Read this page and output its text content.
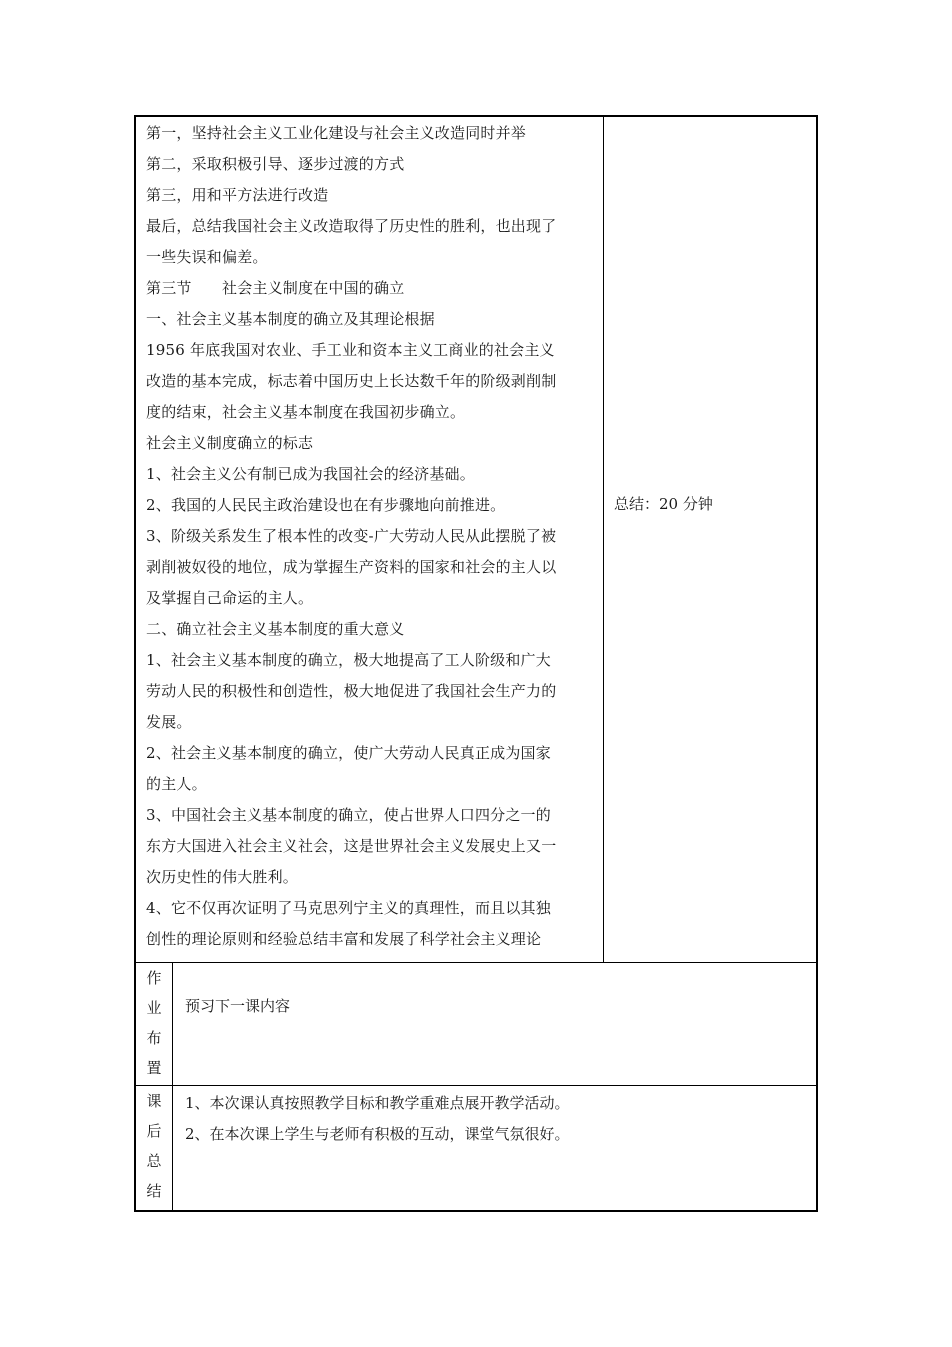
第一，坚持社会主义工业化建设与社会主义改造同时并举
第二，采取积极引导、逐步过渡的方式
第三，用和平方法进行改造
最后，总结我国社会主义改造取得了历史性的胜利，也出现了
一些失误和偏差。
第三节　　社会主义制度在中国的确立
一、社会主义基本制度的确立及其理论根据
1956 年底我国对农业、手工业和资本主义工商业的社会主义
改造的基本完成，标志着中国历史上长达数千年的阶级剥削制
度的结束，社会主义基本制度在我国初步确立。
社会主义制度确立的标志
1、社会主义公有制已成为我国社会的经济基础。
2、我国的人民民主政治建设也在有步骤地向前推进。
3、阶级关系发生了根本性的改变-广大劳动人民从此摆脱了被
剥削被奴役的地位，成为掌握生产资料的国家和社会的主人以
及掌握自己命运的主人。
二、确立社会主义基本制度的重大意义
1、社会主义基本制度的确立，极大地提高了工人阶级和广大
劳动人民的积极性和创造性，极大地促进了我国社会生产力的
发展。
2、社会主义基本制度的确立，使广大劳动人民真正成为国家
的主人。
3、中国社会主义基本制度的确立，使占世界人口四分之一的
东方大国进入社会主义社会，这是世界社会主义发展史上又一
次历史性的伟大胜利。
4、它不仅再次证明了马克思列宁主义的真理性，而且以其独
创性的理论原则和经验总结丰富和发展了科学社会主义理论
总结：20 分钟
作
业
布
置
预习下一课内容
课
后
总
结
1、本次课认真按照教学目标和教学重难点展开教学活动。
2、在本次课上学生与老师有积极的互动，课堂气氛很好。
